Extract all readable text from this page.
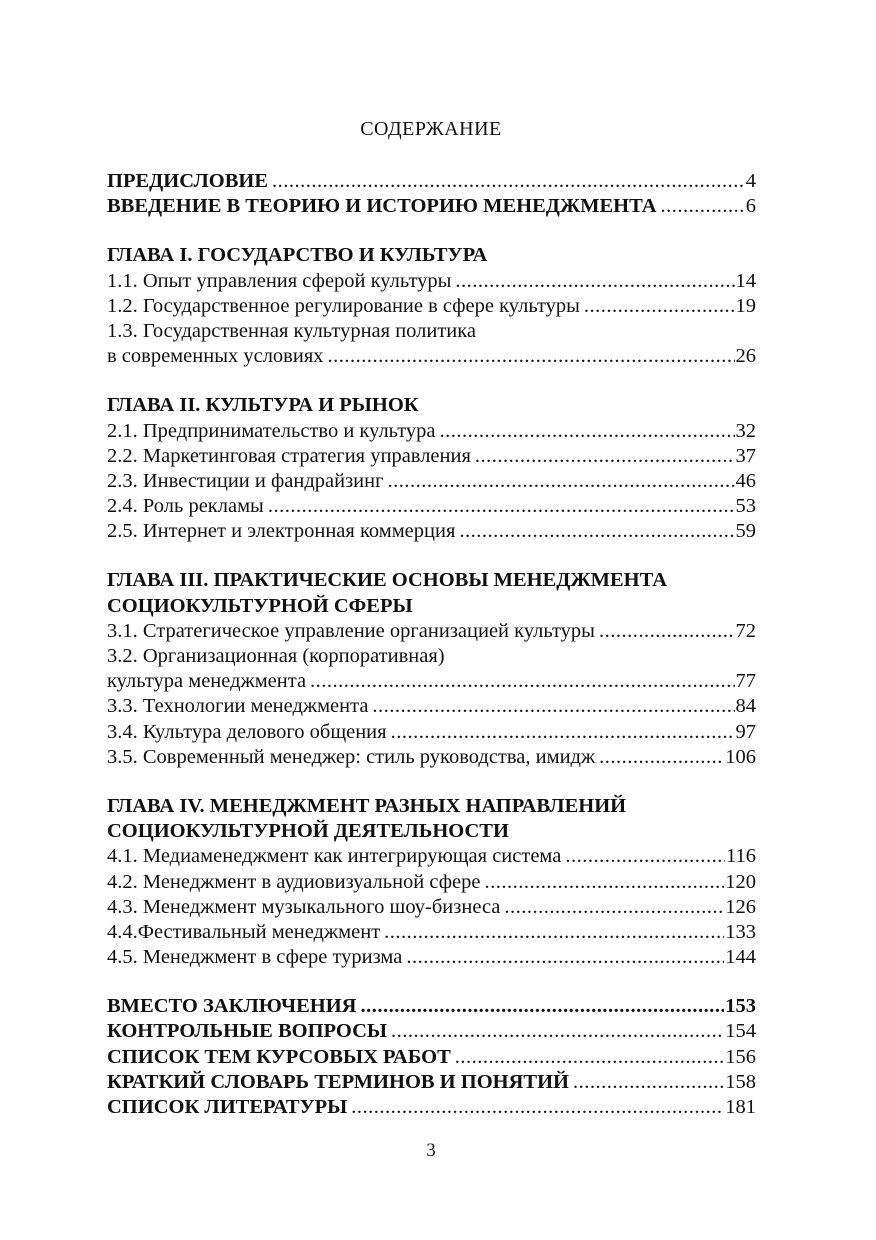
СОДЕРЖАНИЕ
ПРЕДИСЛОВИЕ .....	4
ВВЕДЕНИЕ В ТЕОРИЮ И ИСТОРИЮ МЕНЕДЖМЕНТА .....	6
ГЛАВА I. ГОСУДАРСТВО И КУЛЬТУРА
1.1. Опыт управления сферой культуры .....	14
1.2. Государственное регулирование в сфере культуры .....	19
1.3. Государственная культурная политика
в современных условиях .....	26
ГЛАВА II. КУЛЬТУРА И РЫНОК
2.1. Предпринимательство и культура .....	32
2.2. Маркетинговая стратегия управления .....	37
2.3. Инвестиции и фандрайзинг .....	46
2.4. Роль рекламы .....	53
2.5. Интернет и электронная коммерция .....	59
ГЛАВА III. ПРАКТИЧЕСКИЕ ОСНОВЫ МЕНЕДЖМЕНТА
СОЦИОКУЛЬТУРНОЙ СФЕРЫ
3.1. Стратегическое управление организацией культуры .....	72
3.2. Организационная (корпоративная)
культура менеджмента .....	77
3.3. Технологии менеджмента .....	84
3.4. Культура делового общения .....	97
3.5. Современный менеджер: стиль руководства, имидж .....	106
ГЛАВА IV. МЕНЕДЖМЕНТ РАЗНЫХ НАПРАВЛЕНИЙ
СОЦИОКУЛЬТУРНОЙ ДЕЯТЕЛЬНОСТИ
4.1. Медиаменеджмент как интегрирующая система .....	116
4.2. Менеджмент в аудиовизуальной сфере .....	120
4.3. Менеджмент музыкального шоу-бизнеса .....	126
4.4.Фестивальный менеджмент .....	133
4.5. Менеджмент в сфере туризма .....	144
ВМЕСТО ЗАКЛЮЧЕНИЯ .....	153
КОНТРОЛЬНЫЕ ВОПРОСЫ .....	154
СПИСОК ТЕМ КУРСОВЫХ РАБОТ .....	156
КРАТКИЙ СЛОВАРЬ ТЕРМИНОВ И ПОНЯТИЙ .....	158
СПИСОК ЛИТЕРАТУРЫ .....	181
3
